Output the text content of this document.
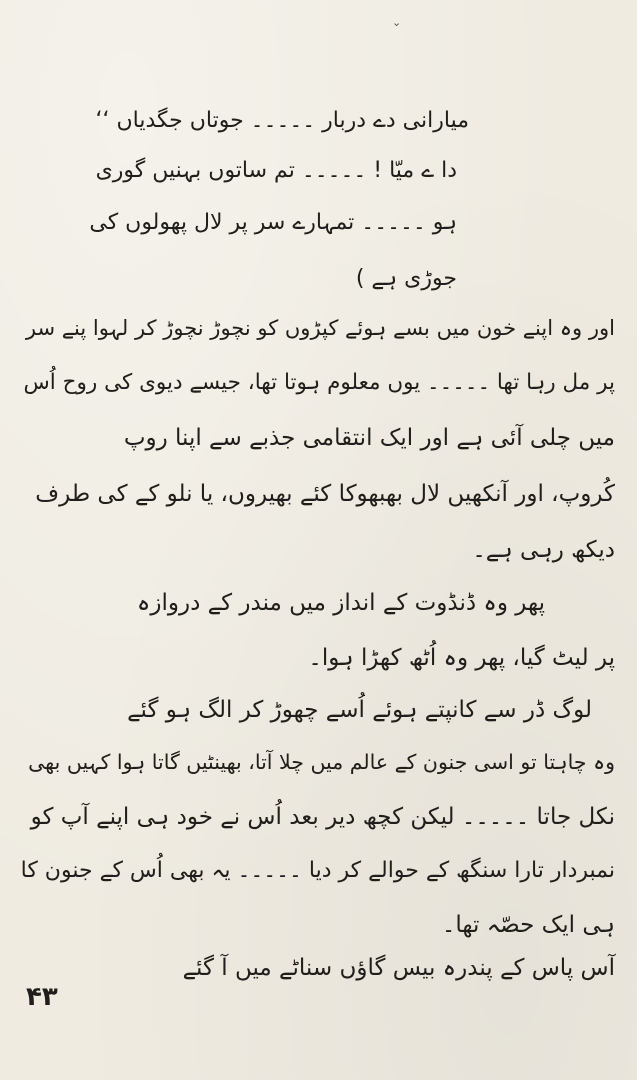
⌄
میارانی دے دربار ۔۔۔۔۔ جوتاں جگدیاں ‘‘
دا ے میّا ! ۔۔۔۔۔ تم ساتوں بہنیں گوری
ہو ۔۔۔۔۔ تمہارے سر پر لال پھولوں کی
جوڑی ہے )
اور وہ اپنے خون میں بسے ہوئے کپڑوں کو نچوڑ نچوڑ کر لہوا پنے سر
پر مل رہا تھا ۔۔۔۔۔ یوں معلوم ہوتا تھا، جیسے دیوی کی روح اُس
میں چلی آئی ہے اور ایک انتقامی جذبے سے اپنا روپ
کُروپ، اور آنکھیں لال بھبھوکا کئے بھیروں، یا نلو کے کی طرف
دیکھ رہی ہے۔
پھر وہ ڈنڈوت کے انداز میں مندر کے دروازہ
پر لیٹ گیا، پھر وہ اُٹھ کھڑا ہوا۔
لوگ ڈر سے کانپتے ہوئے اُسے چھوڑ کر الگ ہو گئے
وہ چاہتا تو اسی جنون کے عالم میں چلا آتا، بھینٹیں گاتا ہوا کہیں بھی
نکل جاتا ۔۔۔۔۔ لیکن کچھ دیر بعد اُس نے خود ہی اپنے آپ کو
نمبردار تارا سنگھ کے حوالے کر دیا ۔۔۔۔۔ یہ بھی اُس کے جنون کا
ہی ایک حصّہ تھا۔
آس پاس کے پندرہ بیس گاؤں سناٹے میں آ گئے
۴۳
